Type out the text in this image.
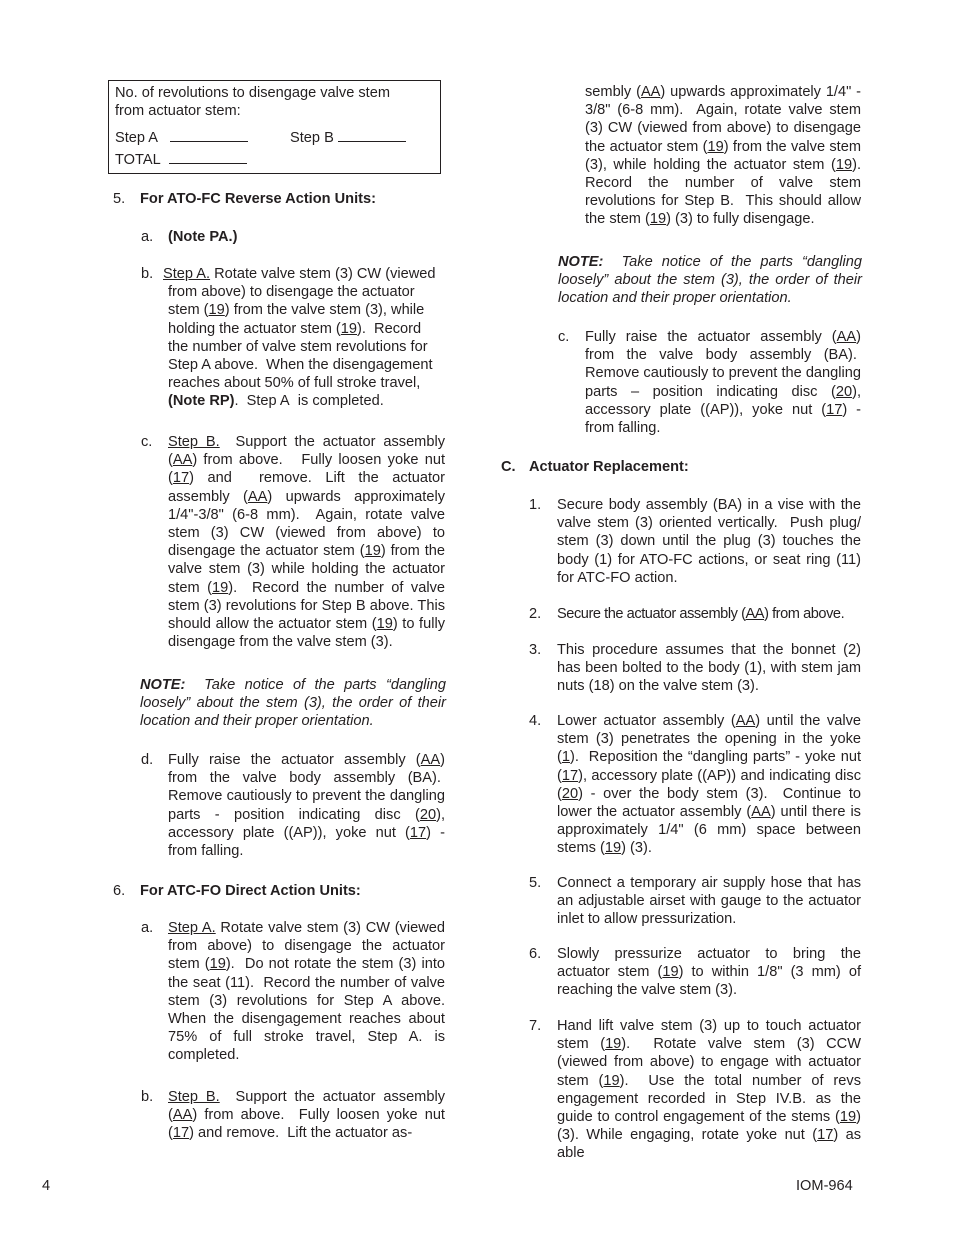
No. of revolutions to disengage valve stem

from actuator stem:

Step A	Step B

TOTAL

5. For ATO-FC Reverse Action Units:
a. (Note PA.)
b. Step A. Rotate valve stem (3) CW (viewed
from above) to disengage the actuator
stem (19) from the valve stem (3), while
holding the actuator stem (19).  Record
the number of valve stem revolutions for
Step A above.  When the disengagement
reaches about 50% of full stroke travel,
(Note RP).  Step A  is completed.
c. Step B.  Support the actuator assembly (AA) from above.   Fully loosen yoke nut (17) and  remove. Lift the actuator assembly (AA) upwards approximately 1/4"-3/8" (6-8 mm).  Again, rotate valve stem (3) CW (viewed from above) to disengage the actuator stem (19) from the valve stem (3) while holding the actuator stem (19).  Record the number of valve stem (3) revolutions for Step B above. This should allow the actuator stem (19) to fully disengage from the valve stem (3).
NOTE:  Take notice of the parts “dangling loosely” about the stem (3), the order of their location and their proper orientation.
d. Fully raise the actuator assembly (AA) from the valve body assembly (BA).  Remove cautiously to prevent the dangling parts - position indicating disc (20), accessory plate ((AP)), yoke nut (17) - from falling.
6. For ATC-FO Direct Action Units:
a. Step A. Rotate valve stem (3) CW (viewed from above) to disengage the actuator stem (19).  Do not rotate the stem (3) into the seat (11).  Record the number of valve stem (3) revolutions for Step A above. When the disengagement reaches about 75% of full stroke travel, Step A. is completed.
b. Step B.  Support the actuator assembly (AA) from above.  Fully loosen yoke nut (17) and remove.  Lift the actuator as-
sembly (AA) upwards approximately 1/4" - 3/8" (6-8 mm).  Again, rotate valve stem (3) CW (viewed from above) to disengage the actuator stem (19) from the valve stem (3), while holding the actuator stem (19). Record the number of valve stem revolutions for Step B.  This should allow the stem (19) (3) to fully disengage.
NOTE:  Take notice of the parts “dangling loosely” about the stem (3), the order of their location and their proper orientation.
c. Fully raise the actuator assembly (AA) from the valve body assembly (BA).  Remove cautiously to prevent the dangling parts – position indicating disc (20), accessory plate ((AP)), yoke nut (17) - from falling.
C. Actuator Replacement:
1. Secure body assembly (BA) in a vise with the valve stem (3) oriented vertically.  Push plug/ stem (3) down until the plug (3) touches the body (1) for ATO-FC actions, or seat ring (11) for ATC-FO action.
2. Secure the actuator assembly (AA) from above.
3. This procedure assumes that the bonnet (2) has been bolted to the body (1), with stem jam nuts (18) on the valve stem (3).
4. Lower actuator assembly (AA) until the valve stem (3) penetrates the opening in the yoke (1).  Reposition the “dangling parts” - yoke nut (17), accessory plate ((AP)) and indicating disc (20) - over the body stem (3).  Continue to lower the actuator assembly (AA) until there is approximately 1/4" (6 mm) space between stems (19) (3).
5. Connect a temporary air supply hose that has an adjustable airset with gauge to the actuator inlet to allow pressurization.
6. Slowly pressurize actuator to bring the actuator stem (19) to within 1/8" (3 mm) of reaching the valve stem (3).
7. Hand lift valve stem (3) up to touch actuator stem (19).  Rotate valve stem (3) CCW (viewed from above) to engage with actuator stem (19).  Use the total number of revs engagement recorded in Step IV.B. as the guide to control engagement of the stems (19) (3). While engaging, rotate yoke nut (17) as able
4	IOM-964
